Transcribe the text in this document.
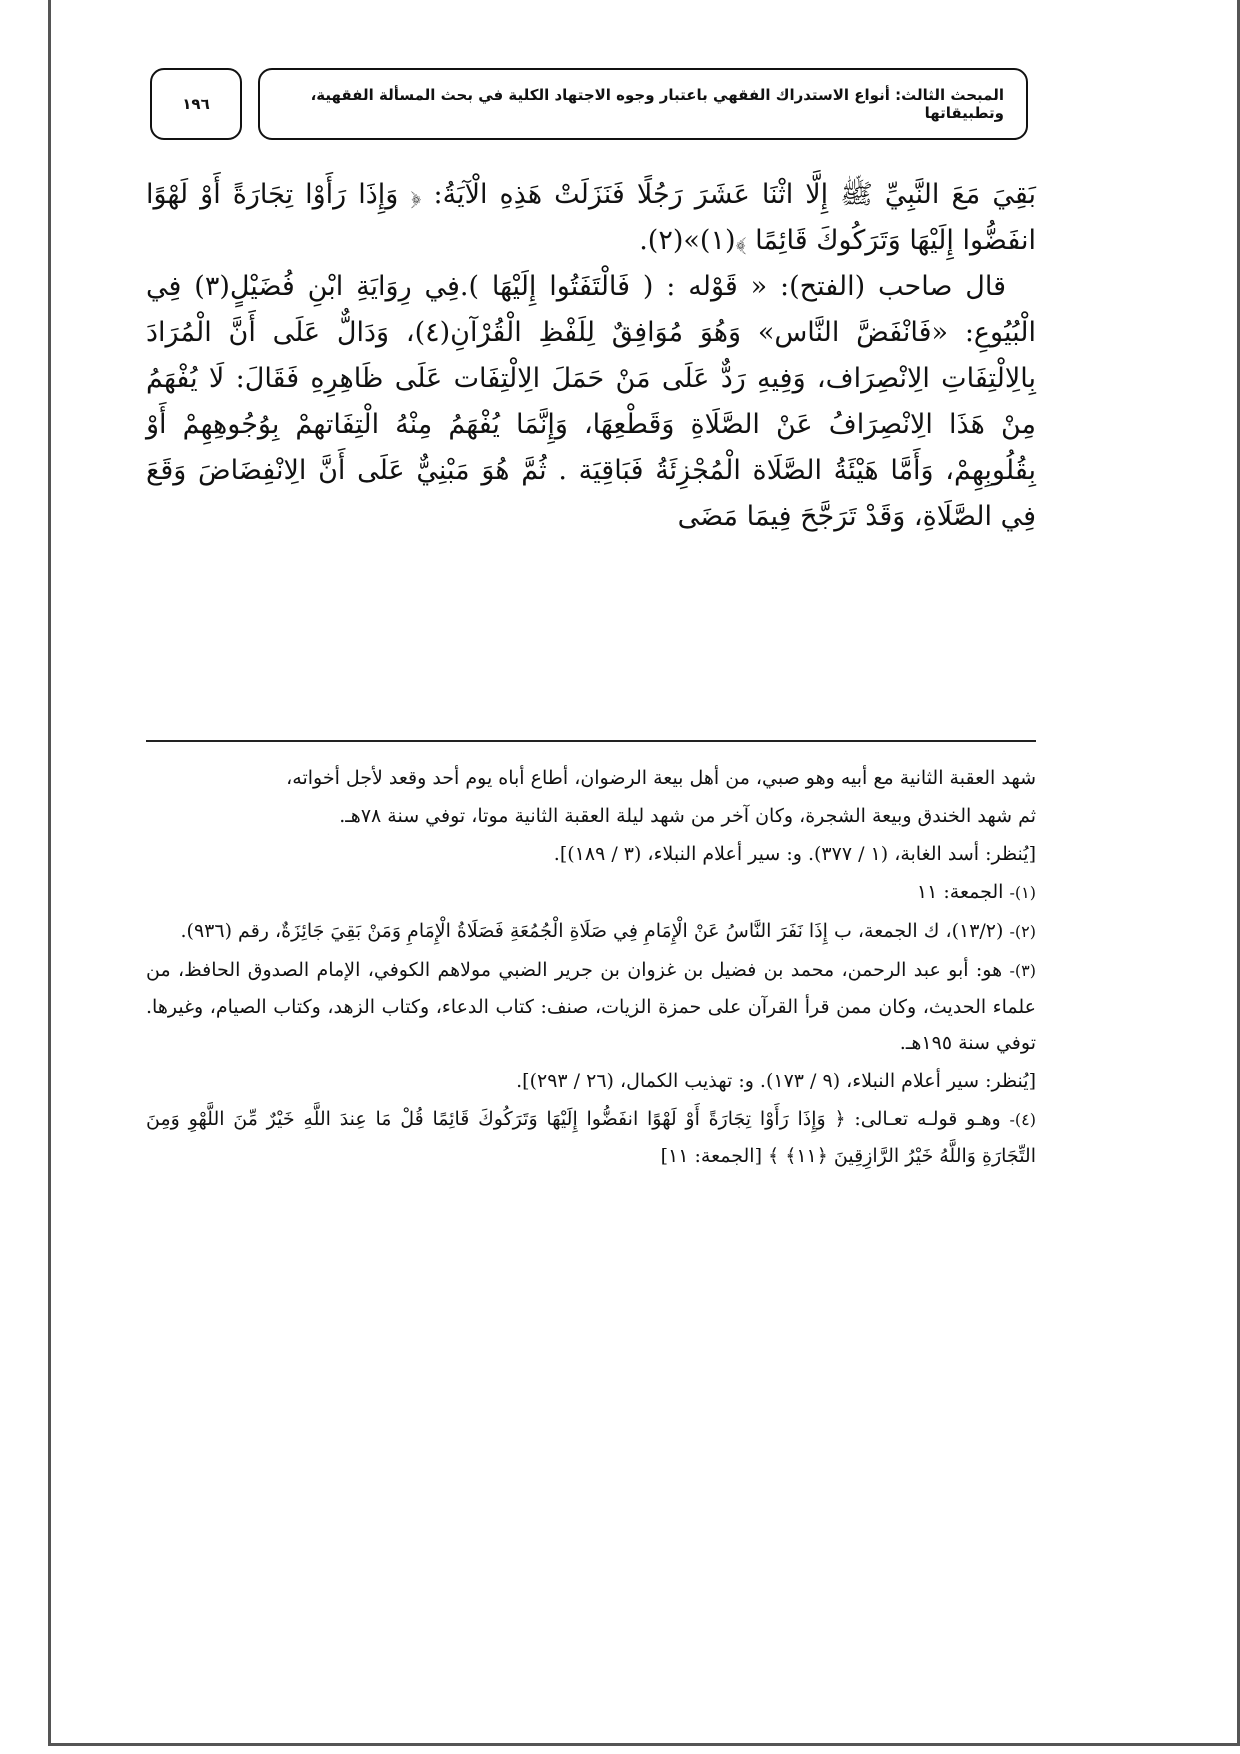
١٩٦	المبحث الثالث: أنواع الاستدراك الفقهي باعتبار وجوه الاجتهاد الكلية في بحث المسألة الفقهية، وتطبيقاتها

بَقِيَ مَعَ النَّبِيِّ ﷺ إِلَّا اثْنَا عَشَرَ رَجُلًا فَنَزَلَتْ هَذِهِ الْآيَةُ: ﴿ وَإِذَا رَأَوْا تِجَارَةً أَوْ لَهْوًا انفَضُّوا إِلَيْهَا وَتَرَكُوكَ قَائِمًا ﴾(١)»(٢).

قال صاحب (الفتح): « قَوْله : ( فَالْتَفَتُوا إِلَيْهَا ).فِي رِوَايَةِ ابْنِ فُضَيْلٍ(٣) فِي الْبُيُوعِ: «فَانْفَضَّ النَّاس» وَهُوَ مُوَافِقٌ لِلَفْظِ الْقُرْآنِ(٤)، وَدَالٌّ عَلَى أَنَّ الْمُرَادَ بِالِالْتِفَاتِ الِانْصِرَاف، وَفِيهِ رَدٌّ عَلَى مَنْ حَمَلَ الِالْتِفَات عَلَى ظَاهِرِهِ فَقَالَ: لَا يُفْهَمُ مِنْ هَذَا الِانْصِرَافُ عَنْ الصَّلَاةِ وَقَطْعِهَا، وَإِنَّمَا يُفْهَمُ مِنْهُ الْتِفَاتهمْ بِوُجُوهِهِمْ أَوْ بِقُلُوبِهِمْ، وَأَمَّا هَيْئَةُ الصَّلَاة الْمُجْزِئَةُ فَبَاقِيَة . ثُمَّ هُوَ مَبْنِيٌّ عَلَى أَنَّ الِانْفِضَاضَ وَقَعَ فِي الصَّلَاةِ، وَقَدْ تَرَجَّحَ فِيمَا مَضَى

شهد العقبة الثانية مع أبيه وهو صبي، من أهل بيعة الرضوان، أطاع أباه يوم أحد وقعد لأجل أخواته،

ثم شهد الخندق وبيعة الشجرة، وكان آخر من شهد ليلة العقبة الثانية موتا، توفي سنة ٧٨هـ.

[يُنظر: أسد الغابة، (١ / ٣٧٧). و: سير أعلام النبلاء، (٣ / ١٨٩)].

(١)- الجمعة: ١١

(٢)- (١٣/٢)، ك الجمعة، ب إِذَا نَفَرَ النَّاسُ عَنْ الْإِمَامِ فِي صَلَاةِ الْجُمُعَةِ فَصَلَاةُ الْإِمَامِ وَمَنْ بَقِيَ جَائِزَةٌ، رقم (٩٣٦).

(٣)- هو: أبو عبد الرحمن، محمد بن فضيل بن غزوان بن جرير الضبي مولاهم الكوفي، الإمام الصدوق الحافظ، من علماء الحديث، وكان ممن قرأ القرآن على حمزة الزيات، صنف: كتاب الدعاء، وكتاب الزهد، وكتاب الصيام، وغيرها. توفي سنة ١٩٥هـ.

[يُنظر: سير أعلام النبلاء، (٩ / ١٧٣). و: تهذيب الكمال، (٢٦ / ٢٩٣)].

(٤)- وهـو قولـه تعـالى: ﴿ وَإِذَا رَأَوْا تِجَارَةً أَوْ لَهْوًا انفَضُّوا إِلَيْهَا وَتَرَكُوكَ قَائِمًا قُلْ مَا عِندَ اللَّهِ خَيْرٌ مِّنَ اللَّهْوِ وَمِنَ التِّجَارَةِ وَاللَّهُ خَيْرُ الرَّازِقِينَ ﴿١١﴾ ﴾ [الجمعة: ١١]
